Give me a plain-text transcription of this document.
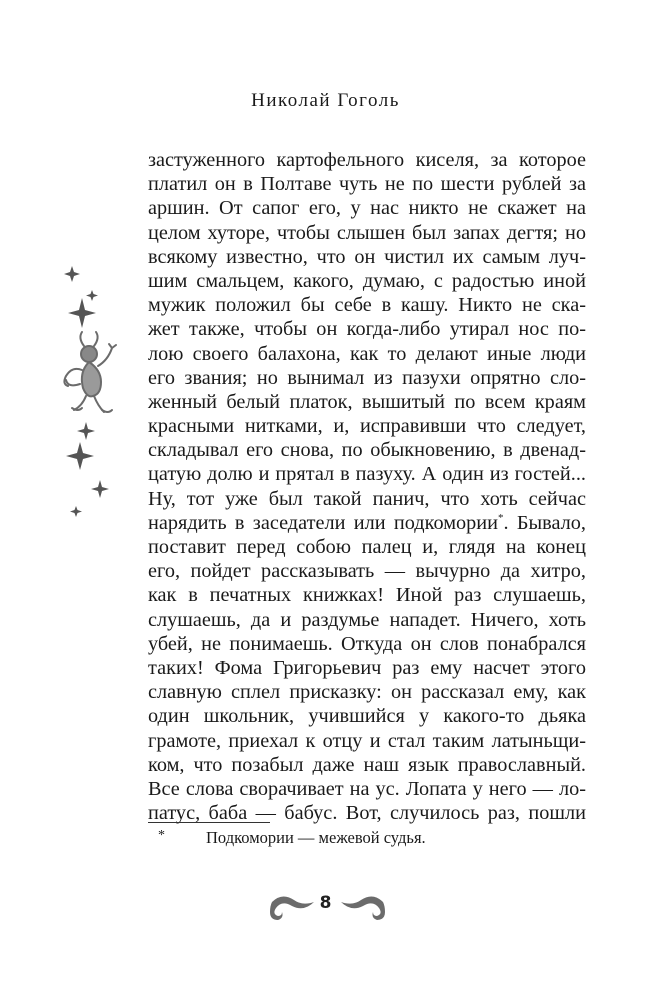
Николай Гоголь
застуженного картофельного киселя, за которое
платил он в Полтаве чуть не по шести рублей за
аршин. От сапог его, у нас никто не скажет на
целом хуторе, чтобы слышен был запах дегтя; но
всякому известно, что он чистил их самым луч-
шим смальцем, какого, думаю, с радостью иной
мужик положил бы себе в кашу. Никто не ска-
жет также, чтобы он когда-либо утирал нос по-
лою своего балахона, как то делают иные люди
его звания; но вынимал из пазухи опрятно сло-
женный белый платок, вышитый по всем краям
красными нитками, и, исправивши что следует,
складывал его снова, по обыкновению, в двенад-
цатую долю и прятал в пазуху. А один из гостей...
Ну, тот уже был такой панич, что хоть сейчас
нарядить в заседатели или подкомории*. Бывало,
поставит перед собою палец и, глядя на конец
его, пойдет рассказывать — вычурно да хитро,
как в печатных книжках! Иной раз слушаешь,
слушаешь, да и раздумье нападет. Ничего, хоть
убей, не понимаешь. Откуда он слов понабрался
таких! Фома Григорьевич раз ему насчет этого
славную сплел присказку: он рассказал ему, как
один школьник, учившийся у какого-то дьяка
грамоте, приехал к отцу и стал таким латыньщи-
ком, что позабыл даже наш язык православный.
Все слова сворачивает на ус. Лопата у него — ло-
патус, баба — бабус. Вот, случилось раз, пошли
* Подкомории — межевой судья.
8
